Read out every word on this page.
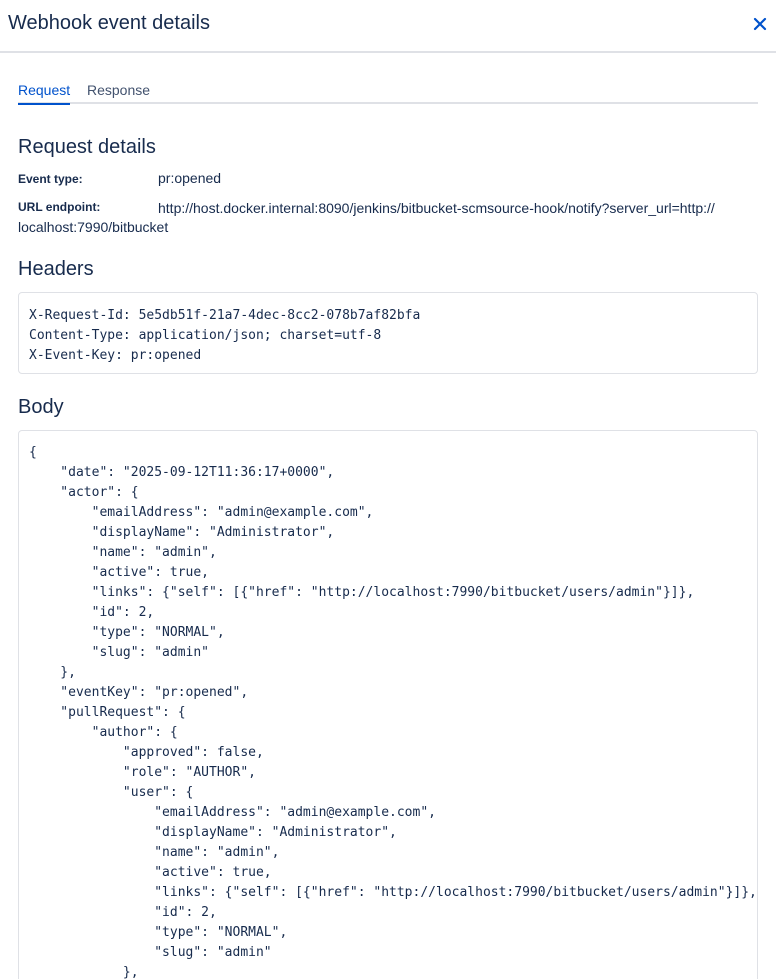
Webhook event details
Request Response
Request details
Event type:	pr:opened
URL endpoint:	http://host.docker.internal:8090/jenkins/bitbucket-scmsource-hook/notify?server_url=http://
localhost:7990/bitbucket
Headers
X-Request-Id: 5e5db51f-21a7-4dec-8cc2-078b7af82bfa
Content-Type: application/json; charset=utf-8
X-Event-Key: pr:opened
Body
{
"date": "2025-09-12T11:36:17+0000",
"actor": {
"emailAddress": "admin@example.com",
"displayName": "Administrator",
"name": "admin",
"active": true,
"links": {"self": [{"href": "http://localhost:7990/bitbucket/users/admin"}]},
"id": 2,
"type": "NORMAL",
"slug": "admin"
},
"eventKey": "pr:opened",
"pullRequest": {
"author": {
"approved": false,
"role": "AUTHOR",
"user": {
"emailAddress": "admin@example.com",
"displayName": "Administrator",
"name": "admin",
"active": true,
"links": {"self": [{"href": "http://localhost:7990/bitbucket/users/admin"}]},
"id": 2,
"type": "NORMAL",
"slug": "admin"
},
